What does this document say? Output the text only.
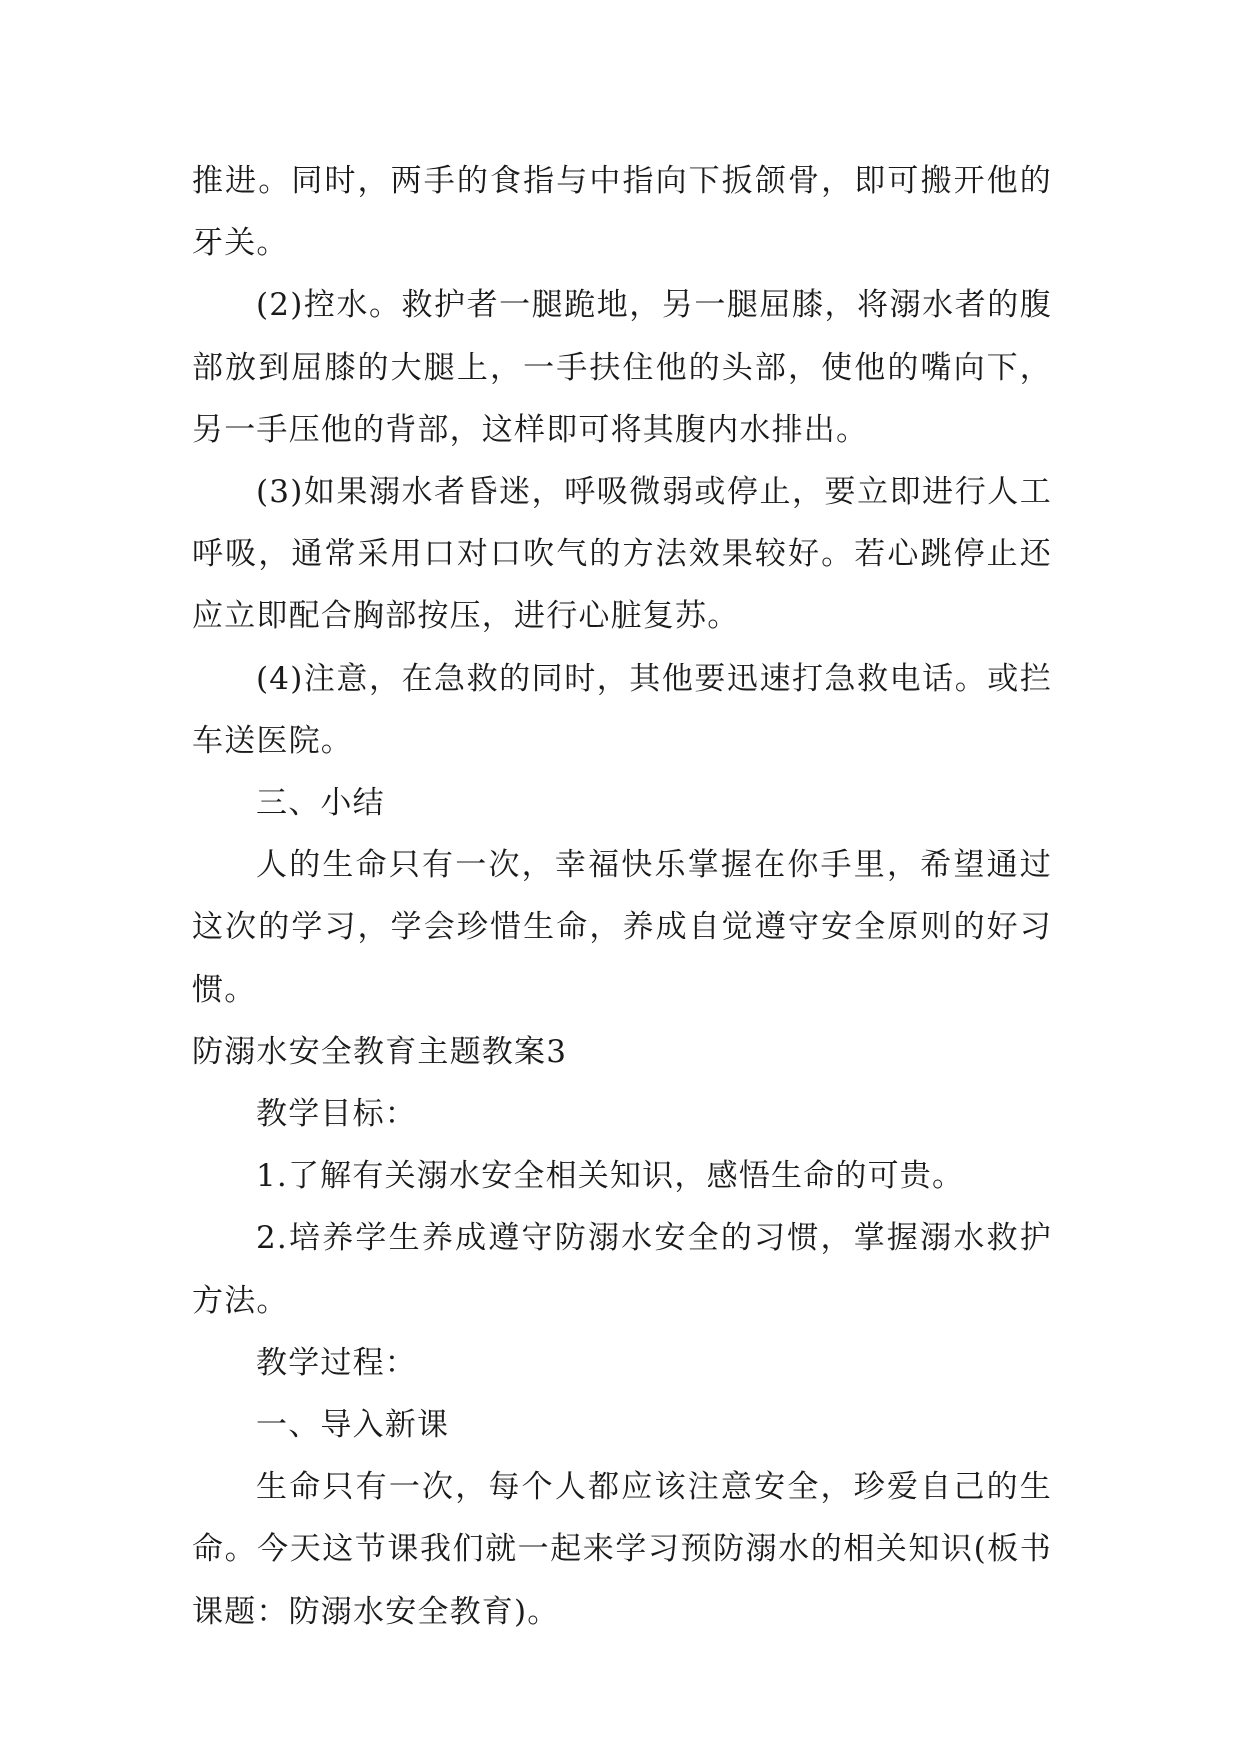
推进。同时，两手的食指与中指向下扳颌骨，即可搬开他的牙关。

(2)控水。救护者一腿跪地，另一腿屈膝，将溺水者的腹部放到屈膝的大腿上，一手扶住他的头部，使他的嘴向下，另一手压他的背部，这样即可将其腹内水排出。

(3)如果溺水者昏迷，呼吸微弱或停止，要立即进行人工呼吸，通常采用口对口吹气的方法效果较好。若心跳停止还应立即配合胸部按压，进行心脏复苏。

(4)注意，在急救的同时，其他要迅速打急救电话。或拦车送医院。

三、小结

人的生命只有一次，幸福快乐掌握在你手里，希望通过这次的学习，学会珍惜生命，养成自觉遵守安全原则的好习惯。

防溺水安全教育主题教案3

教学目标：

1.了解有关溺水安全相关知识，感悟生命的可贵。

2.培养学生养成遵守防溺水安全的习惯，掌握溺水救护方法。

教学过程：

一、导入新课

生命只有一次，每个人都应该注意安全，珍爱自己的生命。今天这节课我们就一起来学习预防溺水的相关知识(板书课题：防溺水安全教育)。
